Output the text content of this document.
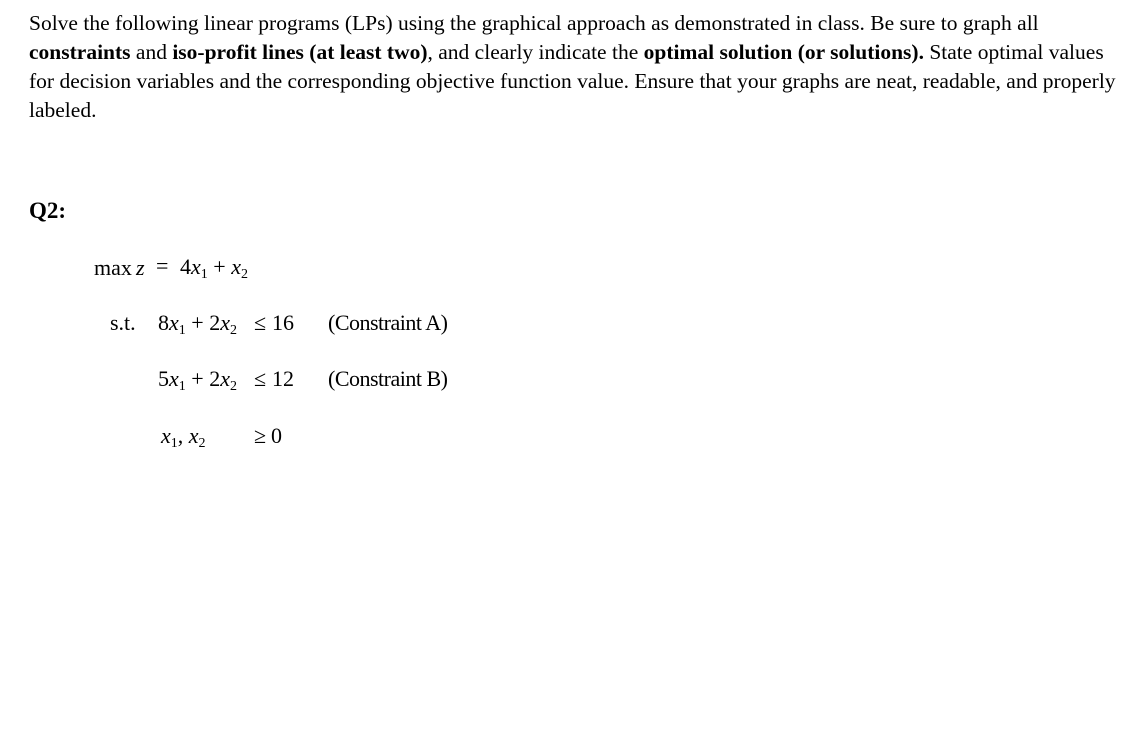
Solve the following linear programs (LPs) using the graphical approach as demonstrated in class. Be sure to graph all constraints and iso-profit lines (at least two), and clearly indicate the optimal solution (or solutions). State optimal values for decision variables and the corresponding objective function value. Ensure that your graphs are neat, readable, and properly labeled.

Q2:

$\max z = 4x_1 + x_2$
s.t. $8x_1 + 2x_2 \le 16$ (Constraint A)
$5x_1 + 2x_2 \le 12$ (Constraint B)
$x_1$, $x_2 \ge 0$
